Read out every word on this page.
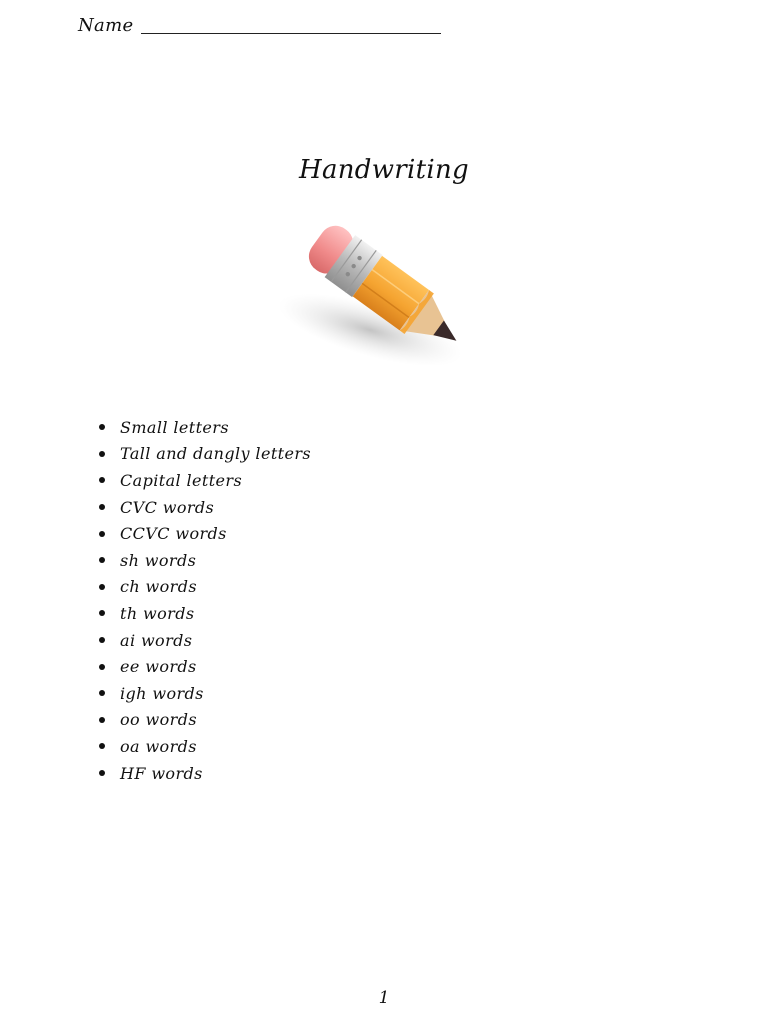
Name
Handwriting
Small letters
Tall and dangly letters
Capital letters
CVC words
CCVC words
sh words
ch words
th words
ai words
ee words
igh words
oo words
oa words
HF words
1
